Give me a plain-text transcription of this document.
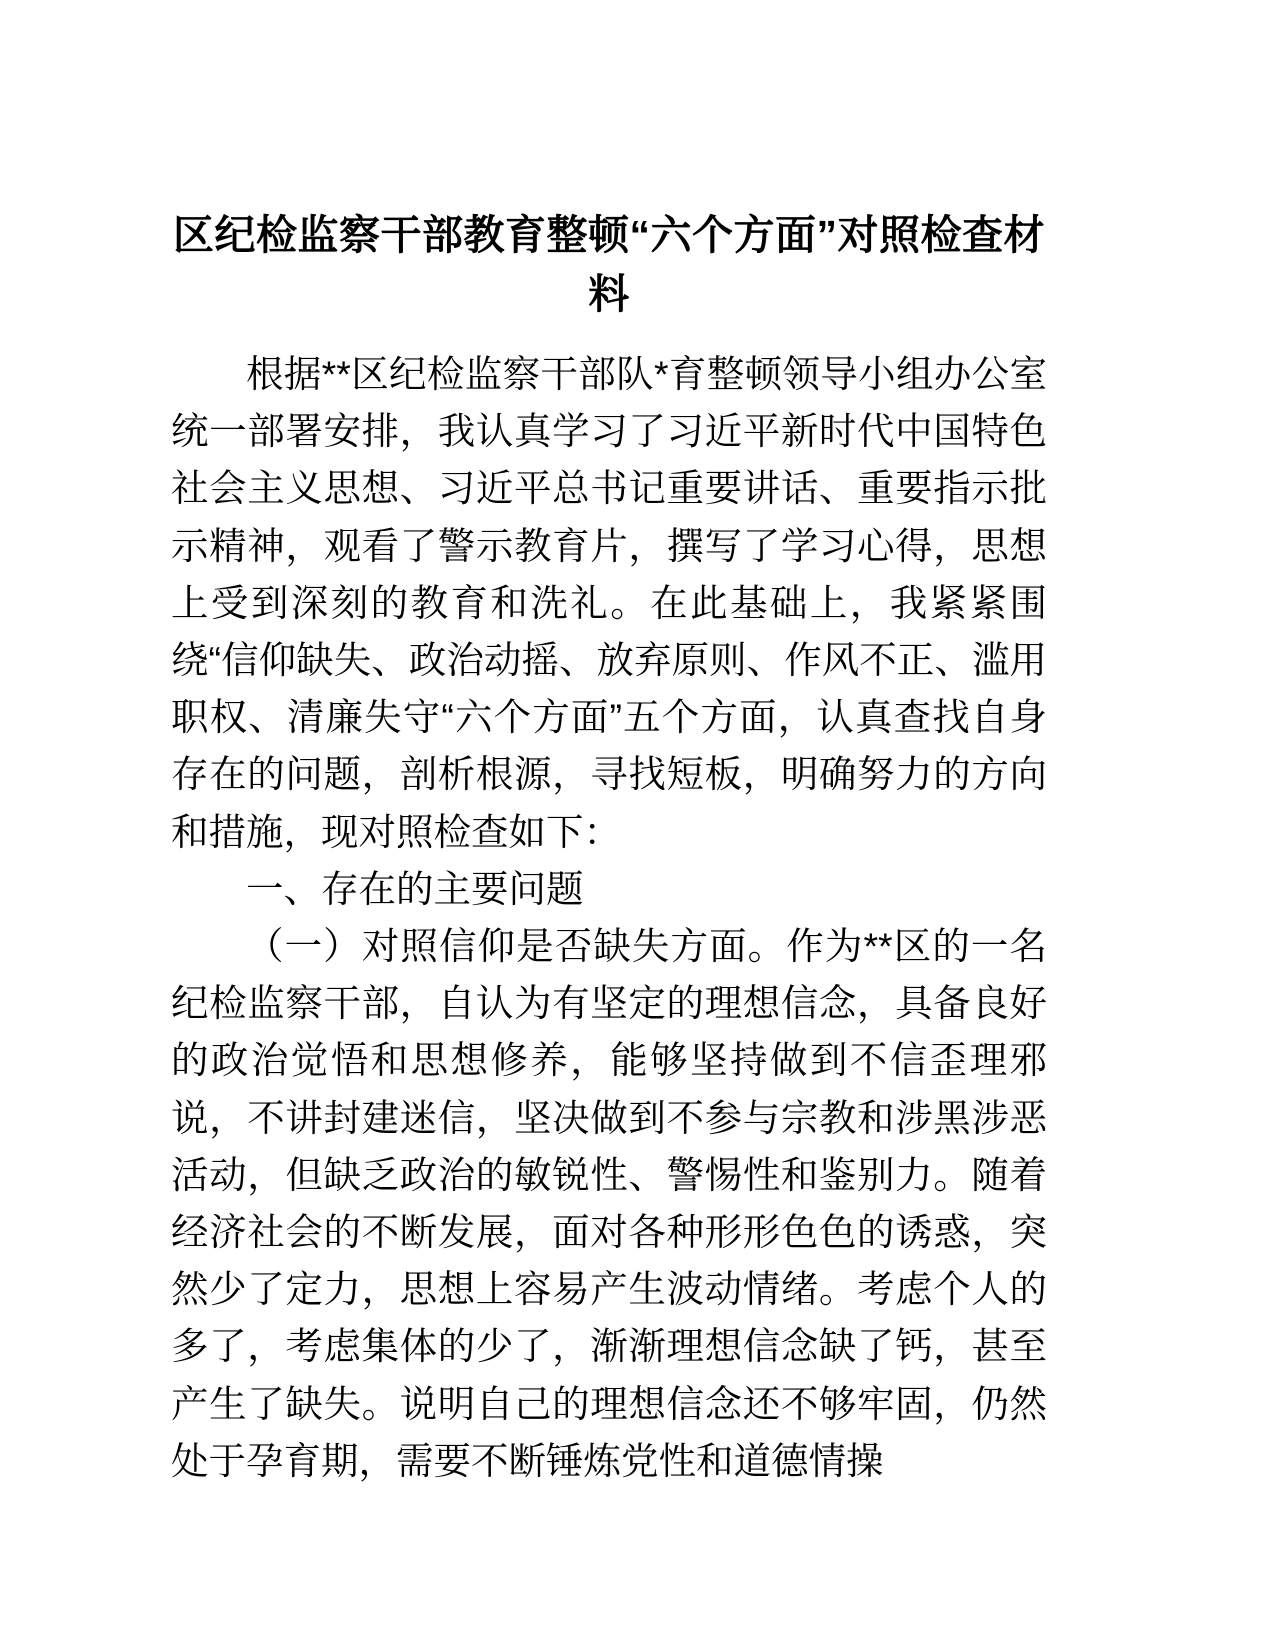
区纪检监察干部教育整顿“六个方面”对照检查材料

根据**区纪检监察干部队*育整顿领导小组办公室统一部署安排，我认真学习了习近平新时代中国特色社会主义思想、习近平总书记重要讲话、重要指示批示精神，观看了警示教育片，撰写了学习心得，思想上受到深刻的教育和洗礼。在此基础上，我紧紧围绕“信仰缺失、政治动摇、放弃原则、作风不正、滥用职权、清廉失守“六个方面”五个方面，认真查找自身存在的问题，剖析根源，寻找短板，明确努力的方向和措施，现对照检查如下：

一、存在的主要问题

（一）对照信仰是否缺失方面。作为**区的一名纪检监察干部，自认为有坚定的理想信念，具备良好的政治觉悟和思想修养，能够坚持做到不信歪理邪说，不讲封建迷信，坚决做到不参与宗教和涉黑涉恶活动，但缺乏政治的敏锐性、警惕性和鉴别力。随着经济社会的不断发展，面对各种形形色色的诱惑，突然少了定力，思想上容易产生波动情绪。考虑个人的多了，考虑集体的少了，渐渐理想信念缺了钙，甚至产生了缺失。说明自己的理想信念还不够牢固，仍然处于孕育期，需要不断锤炼党性和道德情操
